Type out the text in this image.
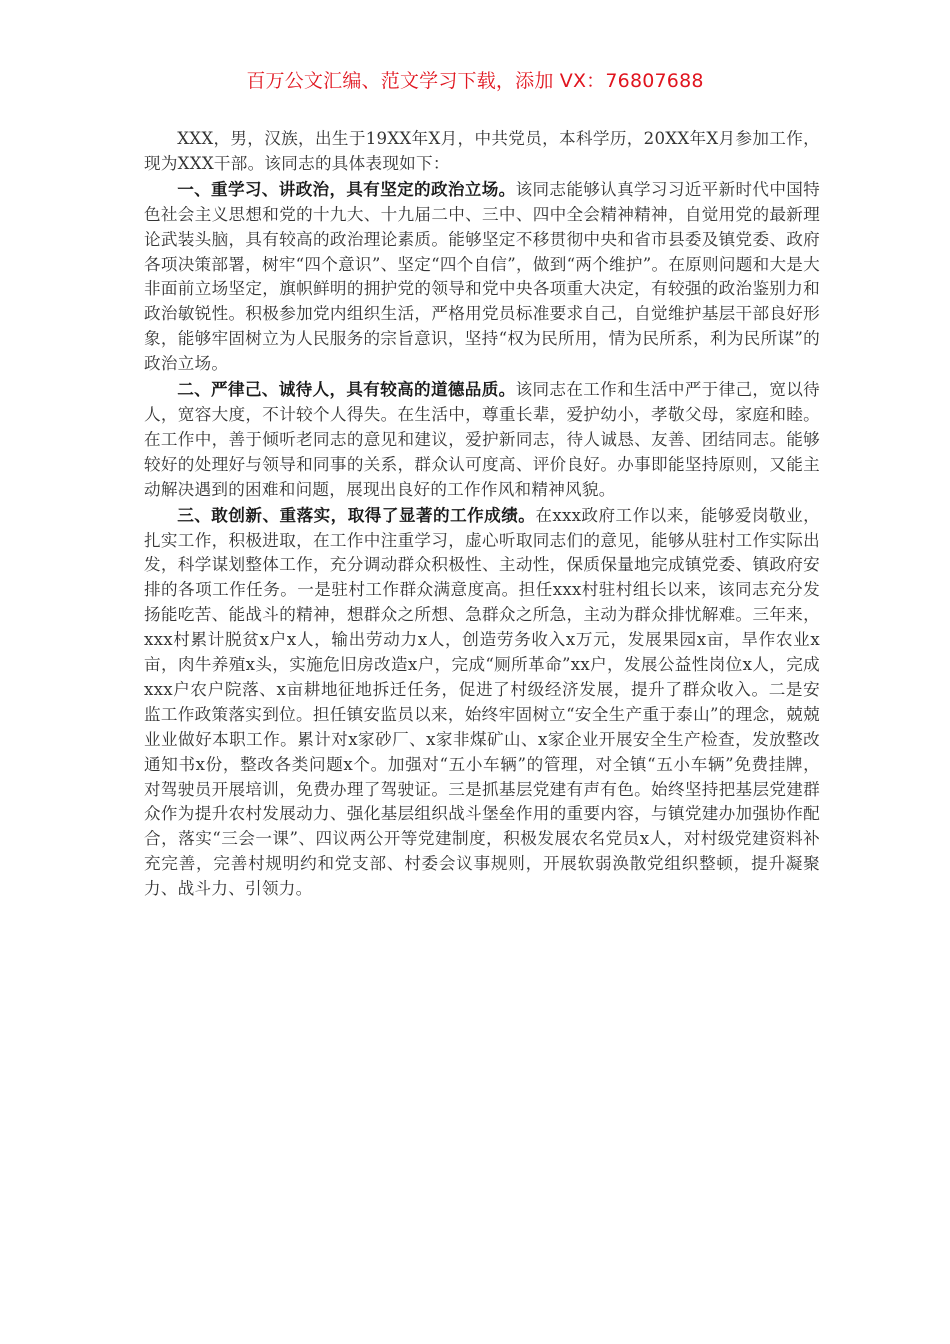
百万公文汇编、范文学习下载，添加 VX：76807688

XXX，男，汉族，出生于19XX年X月，中共党员，本科学历，20XX年X月参加工作，现为XXX干部。该同志的具体表现如下：

一、重学习、讲政治，具有坚定的政治立场。该同志能够认真学习习近平新时代中国特色社会主义思想和党的十九大、十九届二中、三中、四中全会精神精神，自觉用党的最新理论武装头脑，具有较高的政治理论素质。能够坚定不移贯彻中央和省市县委及镇党委、政府各项决策部署，树牢“四个意识”、坚定“四个自信”，做到“两个维护”。在原则问题和大是大非面前立场坚定，旗帜鲜明的拥护党的领导和党中央各项重大决定，有较强的政治鉴别力和政治敏锐性。积极参加党内组织生活，严格用党员标准要求自己，自觉维护基层干部良好形象，能够牢固树立为人民服务的宗旨意识，坚持“权为民所用，情为民所系，利为民所谋”的政治立场。

二、严律己、诚待人，具有较高的道德品质。该同志在工作和生活中严于律己，宽以待人，宽容大度，不计较个人得失。在生活中，尊重长辈，爱护幼小，孝敬父母，家庭和睦。在工作中，善于倾听老同志的意见和建议，爱护新同志，待人诚恳、友善、团结同志。能够较好的处理好与领导和同事的关系，群众认可度高、评价良好。办事即能坚持原则，又能主动解决遇到的困难和问题，展现出良好的工作作风和精神风貌。

三、敢创新、重落实，取得了显著的工作成绩。在xxx政府工作以来，能够爱岗敬业，扎实工作，积极进取，在工作中注重学习，虚心听取同志们的意见，能够从驻村工作实际出发，科学谋划整体工作，充分调动群众积极性、主动性，保质保量地完成镇党委、镇政府安排的各项工作任务。一是驻村工作群众满意度高。担任xxx村驻村组长以来，该同志充分发扬能吃苦、能战斗的精神，想群众之所想、急群众之所急，主动为群众排忧解难。三年来，xxx村累计脱贫x户x人，输出劳动力x人，创造劳务收入x万元，发展果园x亩，旱作农业x亩，肉牛养殖x头，实施危旧房改造x户，完成“厕所革命”xx户，发展公益性岗位x人，完成xxx户农户院落、x亩耕地征地拆迁任务，促进了村级经济发展，提升了群众收入。二是安监工作政策落实到位。担任镇安监员以来，始终牢固树立“安全生产重于泰山”的理念，兢兢业业做好本职工作。累计对x家砂厂、x家非煤矿山、x家企业开展安全生产检查，发放整改通知书x份，整改各类问题x个。加强对“五小车辆”的管理，对全镇“五小车辆”免费挂牌，对驾驶员开展培训，免费办理了驾驶证。三是抓基层党建有声有色。始终坚持把基层党建群众作为提升农村发展动力、强化基层组织战斗堡垒作用的重要内容，与镇党建办加强协作配合，落实“三会一课”、四议两公开等党建制度，积极发展农名党员x人，对村级党建资料补充完善，完善村规明约和党支部、村委会议事规则，开展软弱涣散党组织整顿，提升凝聚力、战斗力、引领力。
